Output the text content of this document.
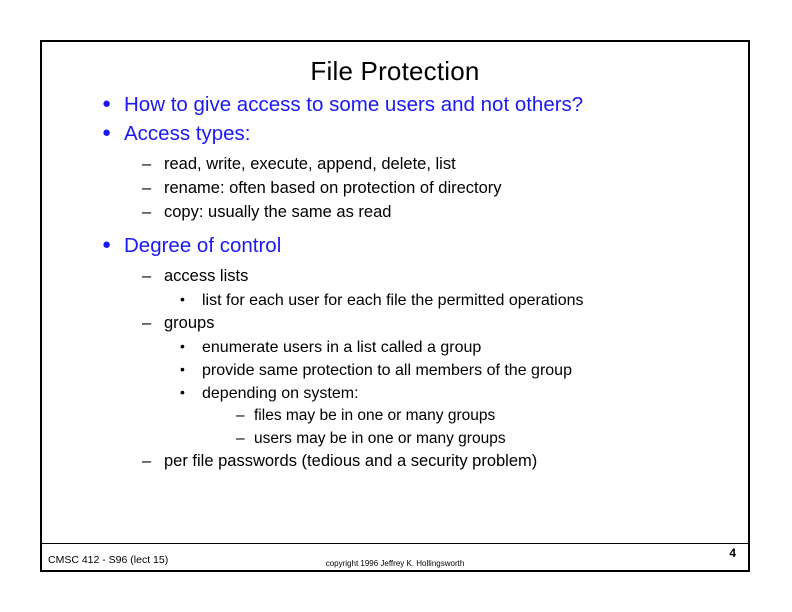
File Protection
● How to give access to some users and not others?
● Access types:
– read, write, execute, append, delete, list
– rename: often based on protection of directory
– copy: usually the same as read
● Degree of control
– access lists
•	list for each user for each file the permitted operations
– groups
•	enumerate users in a list called a group
•	provide same protection to all members of the group
•	depending on system:
– files may be in one or many groups
– users may be in one or many groups
– per file passwords (tedious and a security problem)
CMSC 412 - S96 (lect 15)	copyright 1996 Jeffrey K. Hollingsworth
4
